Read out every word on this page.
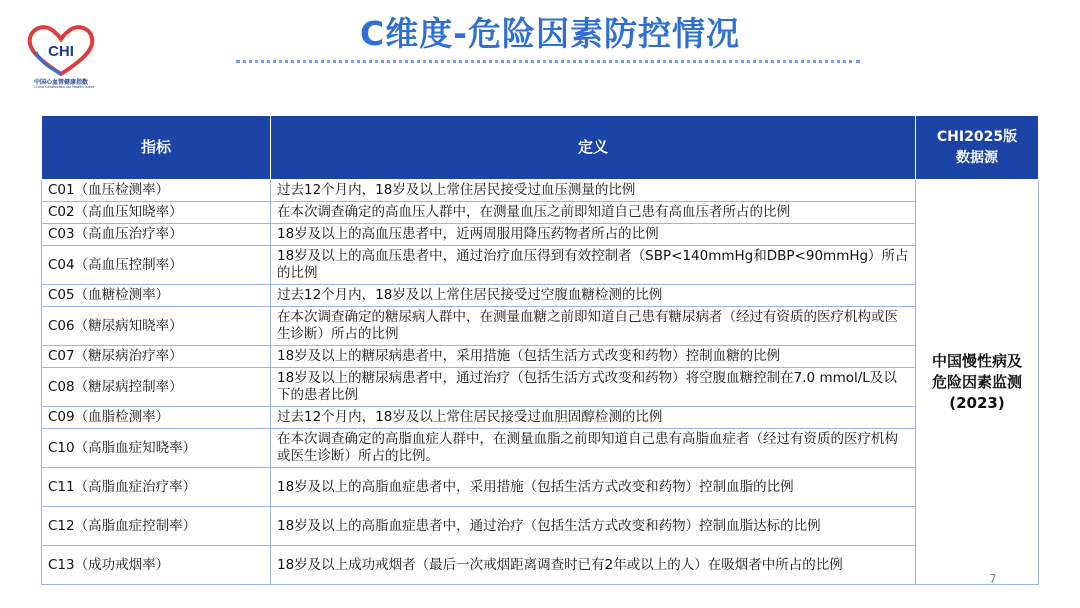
CHI
中国心血管健康指数
China Cardiovascular Health Index
C维度-危险因素防控情况
指标	定义	CHI2025版
数据源
C01（血压检测率）	过去12个月内，18岁及以上常住居民接受过血压测量的比例	中国慢性病及
危险因素监测
(2023)
C02（高血压知晓率）	在本次调查确定的高血压人群中，在测量血压之前即知道自己患有高血压者所占的比例	
C03（高血压治疗率）	18岁及以上的高血压患者中，近两周服用降压药物者所占的比例	
C04（高血压控制率）	18岁及以上的高血压患者中，通过治疗血压得到有效控制者（SBP<140mmHg和DBP<90mmHg）所占的比例	
C05（血糖检测率）	过去12个月内，18岁及以上常住居民接受过空腹血糖检测的比例	
C06（糖尿病知晓率）	在本次调查确定的糖尿病人群中，在测量血糖之前即知道自己患有糖尿病者（经过有资质的医疗机构或医生诊断）所占的比例	
C07（糖尿病治疗率）	18岁及以上的糖尿病患者中，采用措施（包括生活方式改变和药物）控制血糖的比例	
C08（糖尿病控制率）	18岁及以上的糖尿病患者中，通过治疗（包括生活方式改变和药物）将空腹血糖控制在7.0 mmol/L及以下的患者比例	
C09（血脂检测率）	过去12个月内，18岁及以上常住居民接受过血胆固醇检测的比例	
C10（高脂血症知晓率）	在本次调查确定的高脂血症人群中，在测量血脂之前即知道自己患有高脂血症者（经过有资质的医疗机构或医生诊断）所占的比例。	
C11（高脂血症治疗率）	18岁及以上的高脂血症患者中，采用措施（包括生活方式改变和药物）控制血脂的比例	
C12（高脂血症控制率）	18岁及以上的高脂血症患者中，通过治疗（包括生活方式改变和药物）控制血脂达标的比例	
C13（成功戒烟率）	18岁及以上成功戒烟者（最后一次戒烟距离调查时已有2年或以上的人）在吸烟者中所占的比例	
7
